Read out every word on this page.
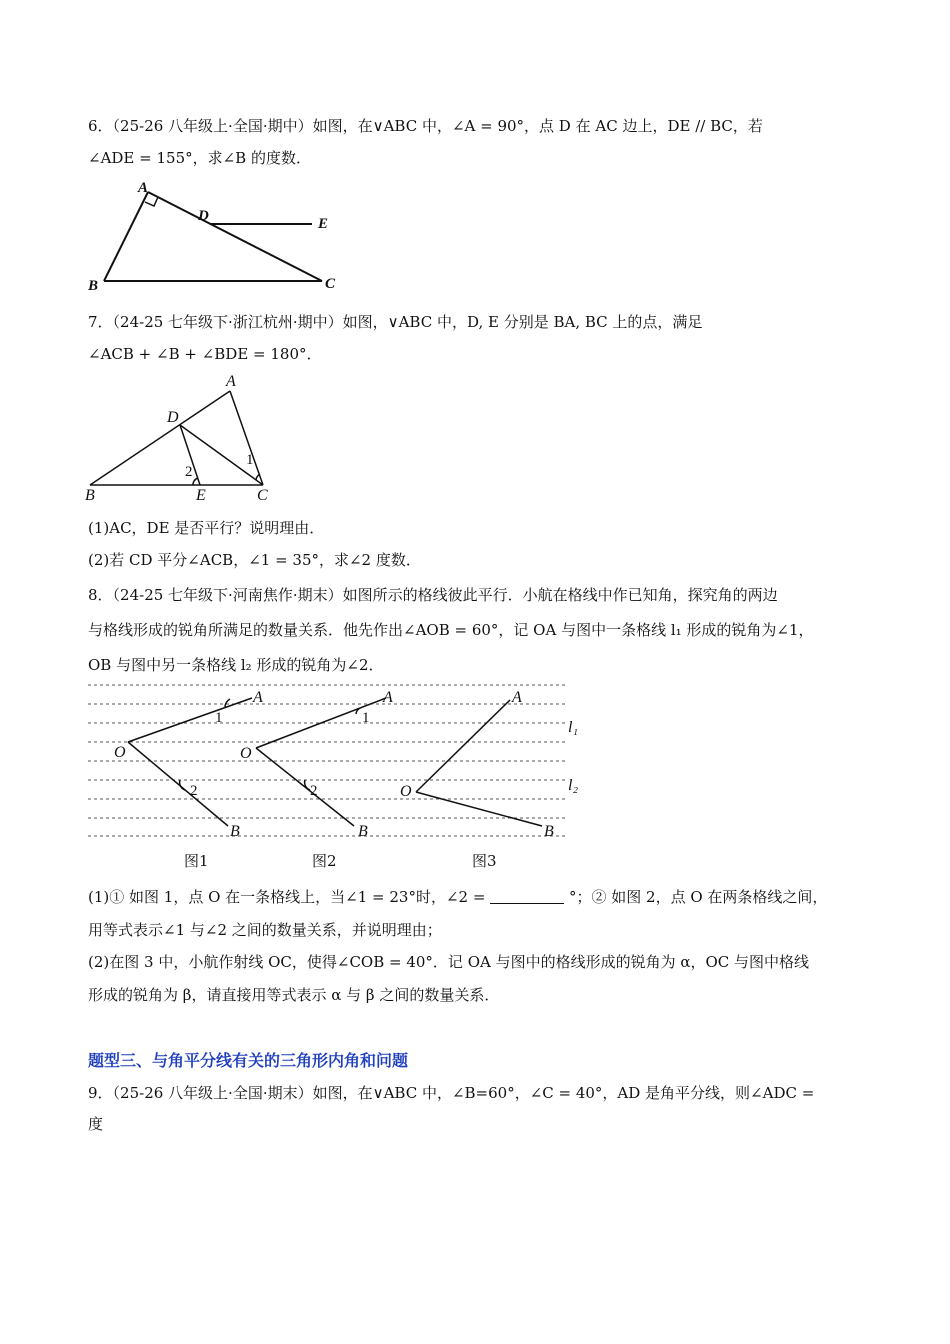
6．（25-26 八年级上·全国·期中）如图，在∨ABC 中，∠A = 90°，点 D 在 AC 边上，DE // BC，若
∠ADE = 155°，求∠B 的度数．
A
B	C
D	E
7．（24-25 七年级下·浙江杭州·期中）如图，∨ABC 中，D, E 分别是 BA, BC 上的点，满足
∠ACB + ∠B + ∠BDE = 180°．
A
B	C
D
E
1
2
(1)AC，DE 是否平行？说明理由．
(2)若 CD 平分∠ACB，∠1 = 35°，求∠2 度数．
8．（24-25 七年级下·河南焦作·期末）如图所示的格线彼此平行．小航在格线中作已知角，探究角的两边
与格线形成的锐角所满足的数量关系．他先作出∠AOB = 60°，记 OA 与图中一条格线 l₁ 形成的锐角为∠1，
OB 与图中另一条格线 l₂ 形成的锐角为∠2．
A
O
B
A
O
B
A
O
B
l₁
l₂
1
2
1
2
图1	图2	图3
(1)① 如图 1，点 O 在一条格线上，当∠1 = 23°时，∠2 =	°；② 如图 2，点 O 在两条格线之间，
用等式表示∠1 与∠2 之间的数量关系，并说明理由；
(2)在图 3 中，小航作射线 OC，使得∠COB = 40°．记 OA 与图中的格线形成的锐角为 α，OC 与图中格线
形成的锐角为 β，请直接用等式表示 α 与 β 之间的数量关系．
题型三、与角平分线有关的三角形内角和问题
9．（25-26 八年级上·全国·期末）如图，在∨ABC 中，∠B=60°，∠C = 40°，AD 是角平分线，则∠ADC =
度
